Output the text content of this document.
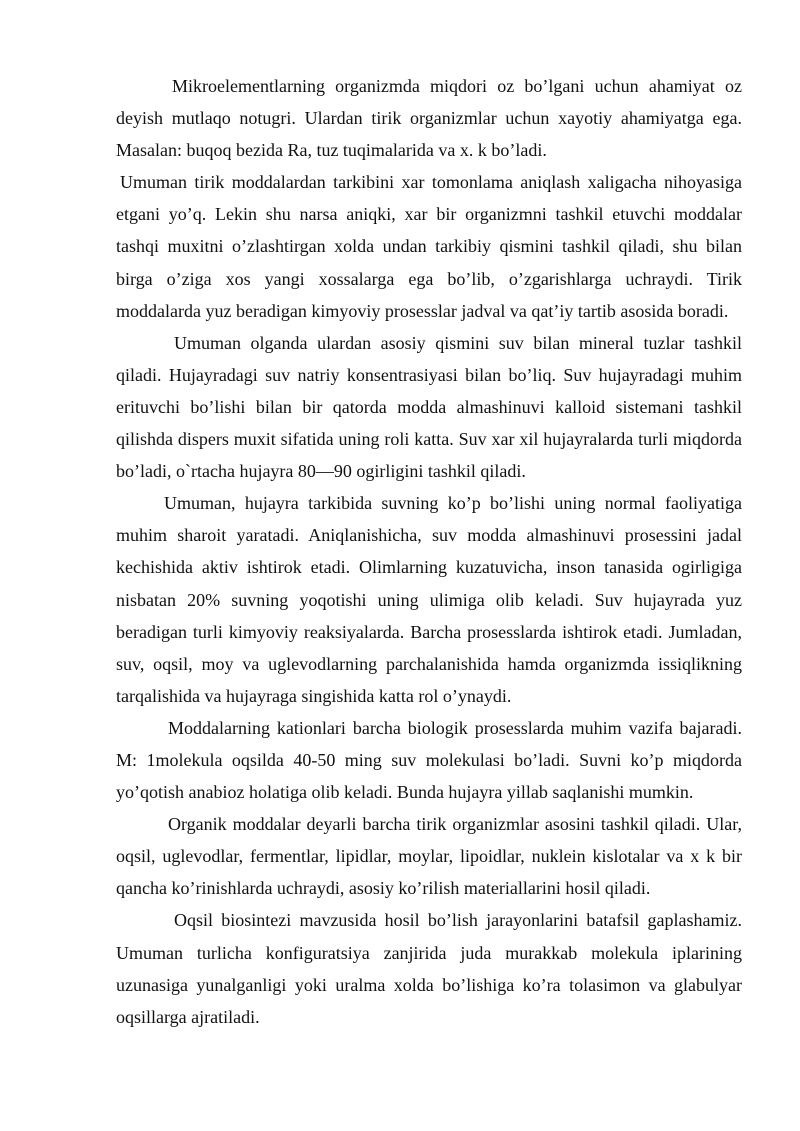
Mikroelementlarning organizmda miqdori oz bo’lgani uchun ahamiyat oz deyish mutlaqo notugri. Ulardan tirik organizmlar uchun xayotiy ahamiyatga ega. Masalan: buqoq bezida Ra, tuz tuqimalarida va x. k bo’ladi.

Umuman tirik moddalardan tarkibini xar tomonlama aniqlash xaligacha nihoyasiga etgani yo’q. Lekin shu narsa aniqki, xar bir organizmni tashkil etuvchi moddalar tashqi muxitni o’zlashtirgan xolda undan tarkibiy qismini tashkil qiladi, shu bilan birga o’ziga xos yangi xossalarga ega bo’lib, o’zgarishlarga uchraydi. Tirik moddalarda yuz beradigan kimyoviy prosesslar jadval va qat’iy tartib asosida boradi.

Umuman olganda ulardan asosiy qismini suv bilan mineral tuzlar tashkil qiladi. Hujayradagi suv natriy konsentrasiyasi bilan bo’liq. Suv hujayradagi muhim erituvchi bo’lishi bilan bir qatorda modda almashinuvi kalloid sistemani tashkil qilishda dispers muxit sifatida uning roli katta. Suv xar xil hujayralarda turli miqdorda bo’ladi, o`rtacha hujayra 80—90 ogirligini tashkil qiladi.

Umuman, hujayra tarkibida suvning ko’p bo’lishi uning normal faoliyatiga muhim sharoit yaratadi. Aniqlanishicha, suv modda almashinuvi prosessini jadal kechishida aktiv ishtirok etadi. Olimlarning kuzatuvicha, inson tanasida ogirligiga nisbatan 20% suvning yoqotishi uning ulimiga olib keladi. Suv hujayrada yuz beradigan turli kimyoviy reaksiyalarda. Barcha prosesslarda ishtirok etadi. Jumladan, suv, oqsil, moy va uglevodlarning parchalanishida hamda organizmda issiqlikning tarqalishida va hujayraga singishida katta rol o’ynaydi.

Moddalarning kationlari barcha biologik prosesslarda muhim vazifa bajaradi. M: 1molekula oqsilda 40-50 ming suv molekulasi bo’ladi. Suvni ko’p miqdorda yo’qotish anabioz holatiga olib keladi. Bunda hujayra yillab saqlanishi mumkin.

Organik moddalar deyarli barcha tirik organizmlar asosini tashkil qiladi. Ular, oqsil, uglevodlar, fermentlar, lipidlar, moylar, lipoidlar, nuklein kislotalar va x k bir qancha ko’rinishlarda uchraydi, asosiy ko’rilish materiallarini hosil qiladi.

Oqsil biosintezi mavzusida hosil bo’lish jarayonlarini batafsil gaplashamiz. Umuman turlicha konfiguratsiya zanjirida juda murakkab molekula iplarining uzunasiga yunalganligi yoki uralma xolda bo’lishiga ko’ra tolasimon va glabulyar oqsillarga ajratiladi.
